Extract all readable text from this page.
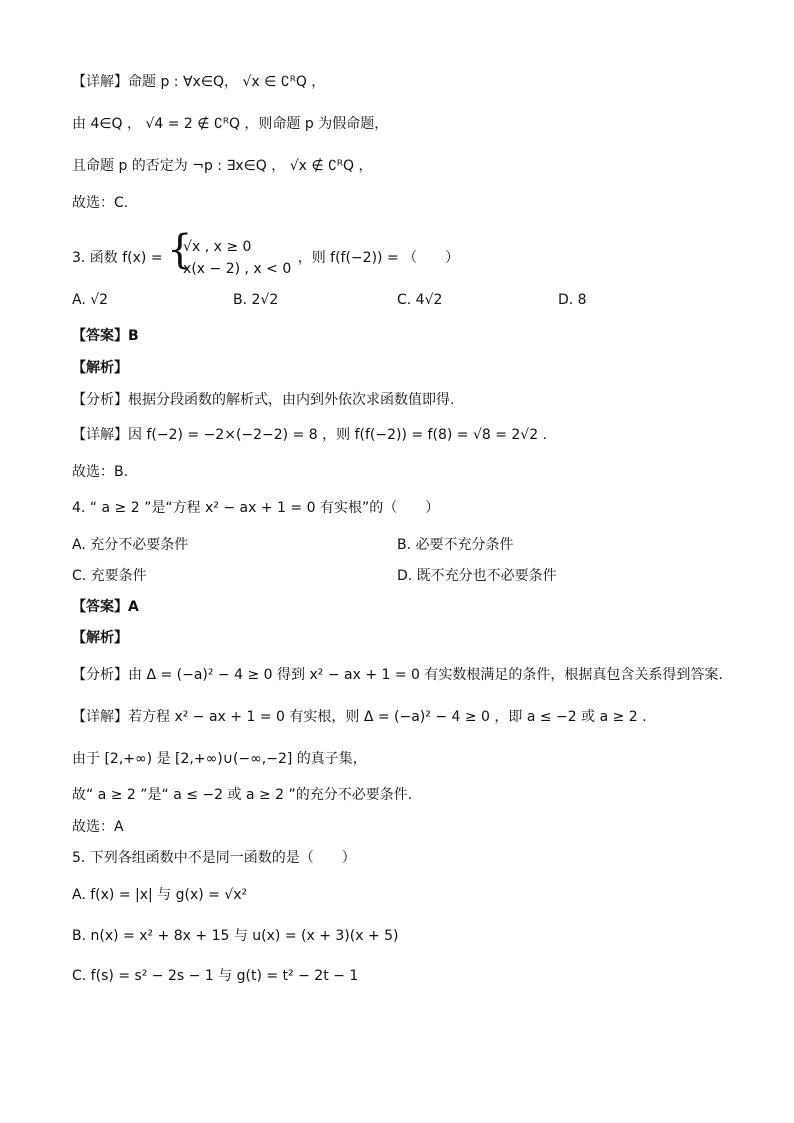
【详解】命题 p : ∀x∈Q， √x ∈ ∁ᴿQ ，
由 4∈Q ， √4 = 2 ∉ ∁ᴿQ ，则命题 p 为假命题，
且命题 p 的否定为 ¬p : ∃x∈Q ， √x ∉ ∁ᴿQ ，
故选：C.
3. 函数 f(x) = {
√x , x ≥ 0
x(x − 2) , x < 0
，则 f(f(−2)) = （　　）
A. √2	B. 2√2	C. 4√2	D. 8
【答案】B
【解析】
【分析】根据分段函数的解析式，由内到外依次求函数值即得.
【详解】因 f(−2) = −2×(−2−2) = 8 ，则 f(f(−2)) = f(8) = √8 = 2√2 .
故选：B.
4. “ a ≥ 2 ”是“方程 x² − ax + 1 = 0 有实根”的（　　）
A. 充分不必要条件	B. 必要不充分条件
C. 充要条件	D. 既不充分也不必要条件
【答案】A
【解析】
【分析】由 Δ = (−a)² − 4 ≥ 0 得到 x² − ax + 1 = 0 有实数根满足的条件，根据真包含关系得到答案.
【详解】若方程 x² − ax + 1 = 0 有实根，则 Δ = (−a)² − 4 ≥ 0 ，即 a ≤ −2 或 a ≥ 2 .
由于 [2,+∞) 是 [2,+∞)∪(−∞,−2] 的真子集，
故“ a ≥ 2 ”是“ a ≤ −2 或 a ≥ 2 ”的充分不必要条件.
故选：A
5. 下列各组函数中不是同一函数的是（　　）
A. f(x) = |x| 与 g(x) = √x²
B. n(x) = x² + 8x + 15 与 u(x) = (x + 3)(x + 5)
C. f(s) = s² − 2s − 1 与 g(t) = t² − 2t − 1
